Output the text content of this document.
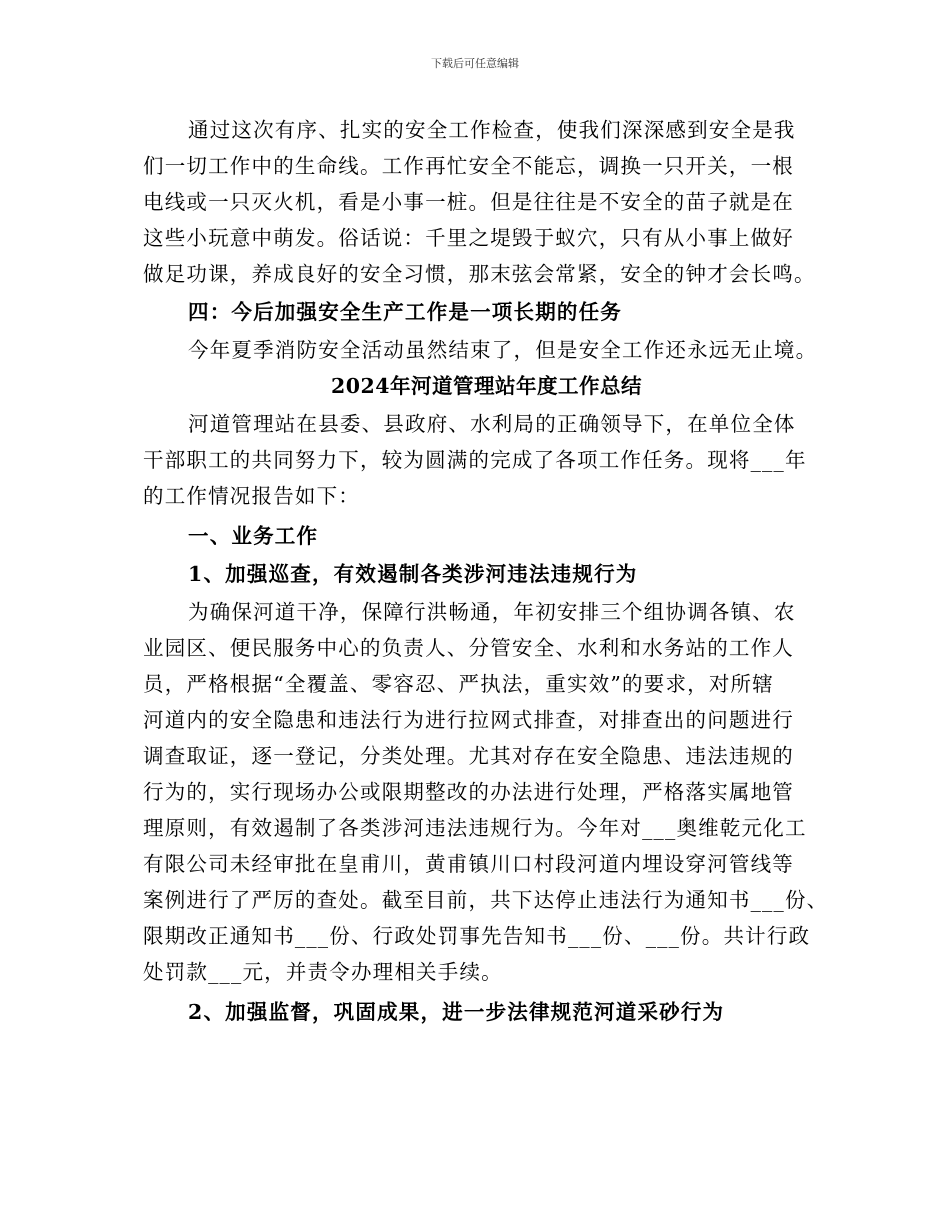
下载后可任意编辑
通过这次有序、扎实的安全工作检查，使我们深深感到安全是我
们一切工作中的生命线。工作再忙安全不能忘，调换一只开关，一根
电线或一只灭火机，看是小事一桩。但是往往是不安全的苗子就是在
这些小玩意中萌发。俗话说：千里之堤毁于蚁穴，只有从小事上做好
做足功课，养成良好的安全习惯，那末弦会常紧，安全的钟才会长鸣。
四：今后加强安全生产工作是一项长期的任务
今年夏季消防安全活动虽然结束了，但是安全工作还永远无止境。
2024年河道管理站年度工作总结
河道管理站在县委、县政府、水利局的正确领导下，在单位全体
干部职工的共同努力下，较为圆满的完成了各项工作任务。现将___年
的工作情况报告如下：
一、业务工作
1、加强巡查，有效遏制各类涉河违法违规行为
为确保河道干净，保障行洪畅通，年初安排三个组协调各镇、农
业园区、便民服务中心的负责人、分管安全、水利和水务站的工作人
员，严格根据“全覆盖、零容忍、严执法，重实效”的要求，对所辖
河道内的安全隐患和违法行为进行拉网式排查，对排查出的问题进行
调查取证，逐一登记，分类处理。尤其对存在安全隐患、违法违规的
行为的，实行现场办公或限期整改的办法进行处理，严格落实属地管
理原则，有效遏制了各类涉河违法违规行为。今年对___奥维乾元化工
有限公司未经审批在皇甫川，黄甫镇川口村段河道内埋设穿河管线等
案例进行了严厉的查处。截至目前，共下达停止违法行为通知书___份、
限期改正通知书___份、行政处罚事先告知书___份、___份。共计行政
处罚款___元，并责令办理相关手续。
2、加强监督，巩固成果，进一步法律规范河道采砂行为
